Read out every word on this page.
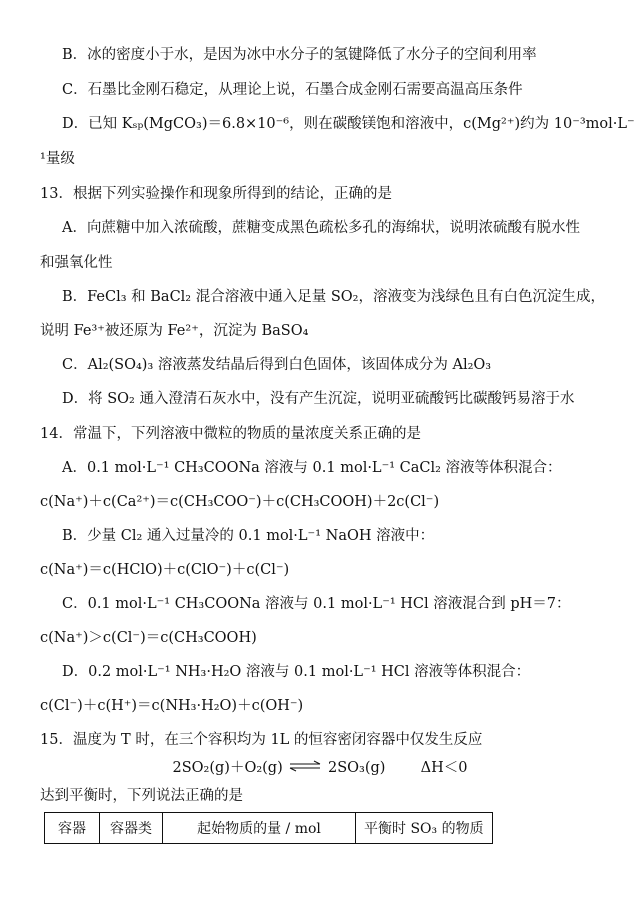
B．冰的密度小于水，是因为冰中水分子的氢键降低了水分子的空间利用率
C．石墨比金刚石稳定，从理论上说，石墨合成金刚石需要高温高压条件
D．已知 Kₛₚ(MgCO₃)＝6.8×10⁻⁶，则在碳酸镁饱和溶液中，c(Mg²⁺)约为 10⁻³mol·L⁻
¹量级
13．根据下列实验操作和现象所得到的结论，正确的是
A．向蔗糖中加入浓硫酸，蔗糖变成黑色疏松多孔的海绵状，说明浓硫酸有脱水性
和强氧化性
B．FeCl₃ 和 BaCl₂ 混合溶液中通入足量 SO₂，溶液变为浅绿色且有白色沉淀生成，
说明 Fe³⁺被还原为 Fe²⁺，沉淀为 BaSO₄
C．Al₂(SO₄)₃ 溶液蒸发结晶后得到白色固体，该固体成分为 Al₂O₃
D．将 SO₂ 通入澄清石灰水中，没有产生沉淀，说明亚硫酸钙比碳酸钙易溶于水
14．常温下，下列溶液中微粒的物质的量浓度关系正确的是
A．0.1 mol·L⁻¹ CH₃COONa 溶液与 0.1 mol·L⁻¹ CaCl₂ 溶液等体积混合：
c(Na⁺)＋c(Ca²⁺)＝c(CH₃COO⁻)＋c(CH₃COOH)＋2c(Cl⁻)
B．少量 Cl₂ 通入过量冷的 0.1 mol·L⁻¹ NaOH 溶液中：
c(Na⁺)＝c(HClO)＋c(ClO⁻)＋c(Cl⁻)
C．0.1 mol·L⁻¹ CH₃COONa 溶液与 0.1 mol·L⁻¹ HCl 溶液混合到 pH＝7：
c(Na⁺)＞c(Cl⁻)＝c(CH₃COOH)
D．0.2 mol·L⁻¹ NH₃·H₂O 溶液与 0.1 mol·L⁻¹ HCl 溶液等体积混合：
c(Cl⁻)＋c(H⁺)＝c(NH₃·H₂O)＋c(OH⁻)
15．温度为 T 时，在三个容积均为 1L 的恒容密闭容器中仅发生反应
2SO₂(g)＋O₂(g) ⇌ 2SO₃(g) ΔH＜0
达到平衡时，下列说法正确的是
容器	容器类	起始物质的量 / mol	平衡时 SO₃ 的物质
